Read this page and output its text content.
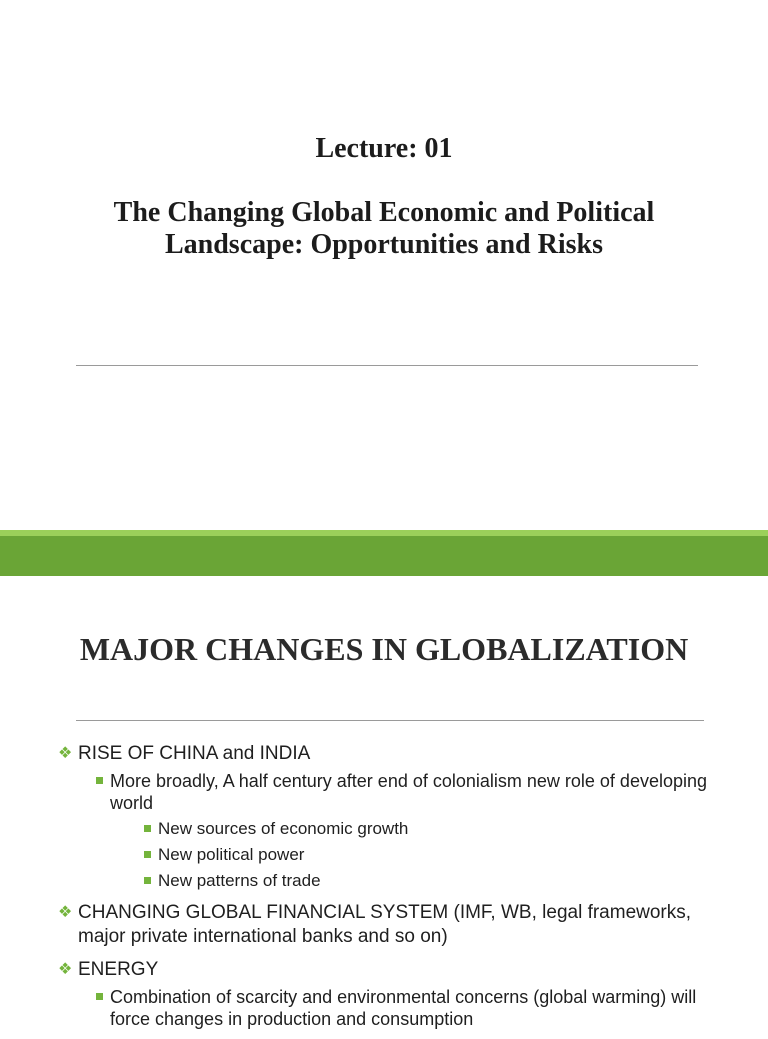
Lecture: 01
The Changing Global Economic and Political
Landscape: Opportunities and Risks
MAJOR CHANGES IN GLOBALIZATION
❖ RISE OF CHINA and INDIA
More broadly, A half century after end of colonialism new role of developing world
New sources of economic growth
New political power
New patterns of trade
❖ CHANGING GLOBAL FINANCIAL SYSTEM (IMF, WB, legal frameworks, major private international banks and so on)
❖ ENERGY
Combination of scarcity and environmental concerns (global warming) will force changes in production and consumption
